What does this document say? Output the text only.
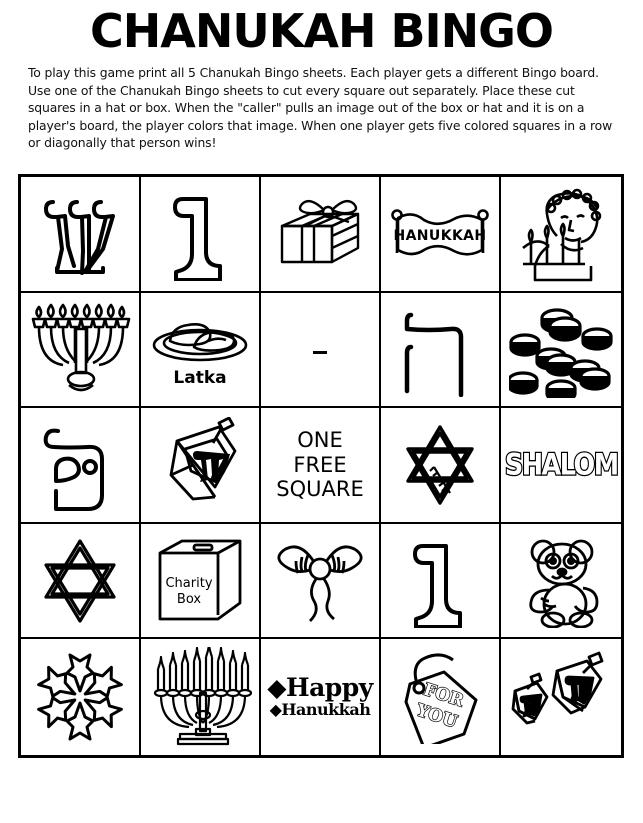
CHANUKAH BINGO

To play this game print all 5 Chanukah Bingo sheets. Each player gets a different Bingo board. Use one of the Chanukah Bingo sheets to cut every square out separately. Place these cut squares in a hat or box. When the "caller" pulls an image out of the box or hat and it is on a player's board, the player colors that image. When one player gets five colored squares in a row or diagonally that person wins!

HANUKKAH
Latka
ONE
FREE
SQUARE
SHALOM
Charity
Box
◆Happy
◆Hanukkah	FOR
YOU
